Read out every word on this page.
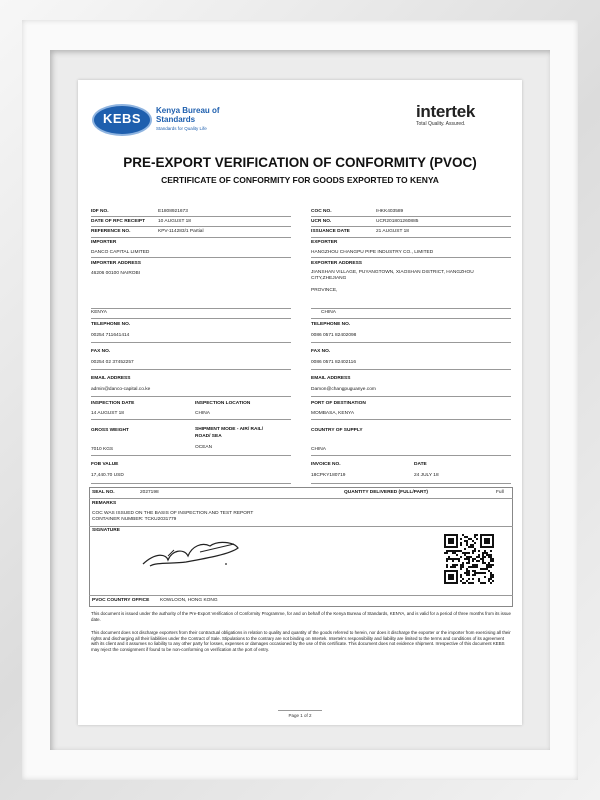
KEBS
Kenya Bureau of
Standards
Standards for Quality Life
intertek
Total Quality. Assured.
PRE-EXPORT VERIFICATION OF CONFORMITY (PVOC)
CERTIFICATE OF CONFORMITY FOR GOODS EXPORTED TO KENYA
IDF NO.	E1808921673
DATE OF RFC RECEIPT	10 AUGUST 18
REFERENCE NO.	KPV-114283/1 Partial
IMPORTER
DANCO CAPITAL LIMITED
IMPORTER ADDRESS
46206 00100 NAIROBI
KENYA
TELEPHONE NO.
00254 711641414
FAX NO.
00254 02 37452257
EMAIL ADDRESS
admin@danco-capital.co.ke
INSPECTION DATE
14 AUGUST 18
INSPECTION LOCATION
CHINA
GROSS WEIGHT	SHIPMENT MODE - AIR/ RAIL/
ROAD/ SEA
7010 KGS	OCEAN
FOB VALUE
17,440.70 USD
COC NO.	IHKK403589
UCR NO.	UCR201801260885
ISSUANCE DATE	21 AUGUST 18
EXPORTER
HANGZHOU CHANGPU PIPE INDUSTRY CO., LIMITED
EXPORTER ADDRESS
JIANSHAN VILLAGE, PUYANGTOWN, XIAOSHAN DISTRICT, HANGZHOU
CITY,ZHEJIANG
PROVINCE,
CHINA
TELEPHONE NO.
0086 0571 82402098
FAX NO.
0086 0571 82402116
EMAIL ADDRESS
Damon@changpuguanye.com
PORT OF DESTINATION
MOMBASA, KENYA
COUNTRY OF SUPPLY
CHINA
INVOICE NO.
18CPKY180719
DATE
24 JULY 18
SEAL NO.	2027198	QUANTITY DELIVERED (FULL/PART)	Full
REMARKS
COC WAS ISSUED ON THE BASIS OF INSPECTION AND TEST REPORT
CONTAINER NUMBER: TCKU2031779
SIGNATURE
PVOC COUNTRY OFFICE KOWLOON, HONG KONG
This document is issued under the authority of the Pre-Export Verification of Conformity Programme, for and on behalf of the Kenya Bureau of Standards, KENYA, and is valid for a period of three months from its issue date.
This document does not discharge exporters from their contractual obligations in relation to quality and quantity of the goods referred to herein, nor does it discharge the exporter or the importer from exercising all their rights and discharging all their liabilities under the Contract of Sale. Stipulations to the contrary are not binding on Intertek. Intertek's responsibility and liability are limited to the terms and conditions of its agreement with its client and it assumes no liability to any other party for losses, expenses or damages occasioned by the use of this certificate. This document does not evidence shipment. Irrespective of this document KEBS may reject the consignment if found to be non-conforming on verification at the port of entry.
Page 1 of 2
